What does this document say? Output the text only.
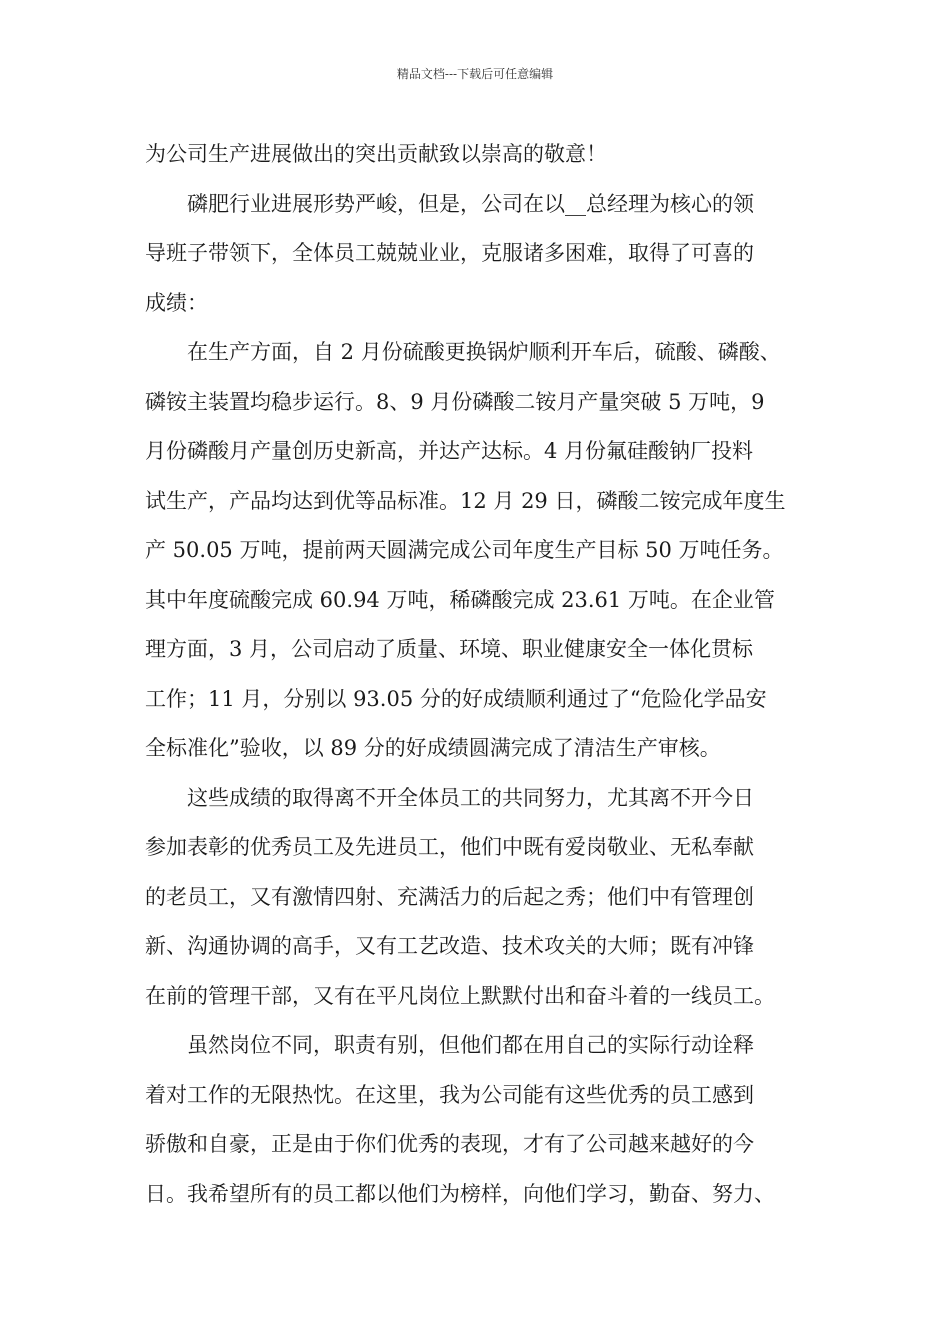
精品文档---下载后可任意编辑
为公司生产进展做出的突出贡献致以崇高的敬意！
磷肥行业进展形势严峻，但是，公司在以__总经理为核心的领
导班子带领下，全体员工兢兢业业，克服诸多困难，取得了可喜的
成绩：
在生产方面，自 2 月份硫酸更换锅炉顺利开车后，硫酸、磷酸、
磷铵主装置均稳步运行。8、9 月份磷酸二铵月产量突破 5 万吨，9
月份磷酸月产量创历史新高，并达产达标。4 月份氟硅酸钠厂投料
试生产，产品均达到优等品标准。12 月 29 日，磷酸二铵完成年度生
产 50.05 万吨，提前两天圆满完成公司年度生产目标 50 万吨任务。
其中年度硫酸完成 60.94 万吨，稀磷酸完成 23.61 万吨。在企业管
理方面，3 月，公司启动了质量、环境、职业健康安全一体化贯标
工作；11 月，分别以 93.05 分的好成绩顺利通过了“危险化学品安
全标准化”验收，以 89 分的好成绩圆满完成了清洁生产审核。
这些成绩的取得离不开全体员工的共同努力，尤其离不开今日
参加表彰的优秀员工及先进员工，他们中既有爱岗敬业、无私奉献
的老员工，又有激情四射、充满活力的后起之秀；他们中有管理创
新、沟通协调的高手，又有工艺改造、技术攻关的大师；既有冲锋
在前的管理干部，又有在平凡岗位上默默付出和奋斗着的一线员工。
虽然岗位不同，职责有别，但他们都在用自己的实际行动诠释
着对工作的无限热忱。在这里，我为公司能有这些优秀的员工感到
骄傲和自豪，正是由于你们优秀的表现，才有了公司越来越好的今
日。我希望所有的员工都以他们为榜样，向他们学习，勤奋、努力、
